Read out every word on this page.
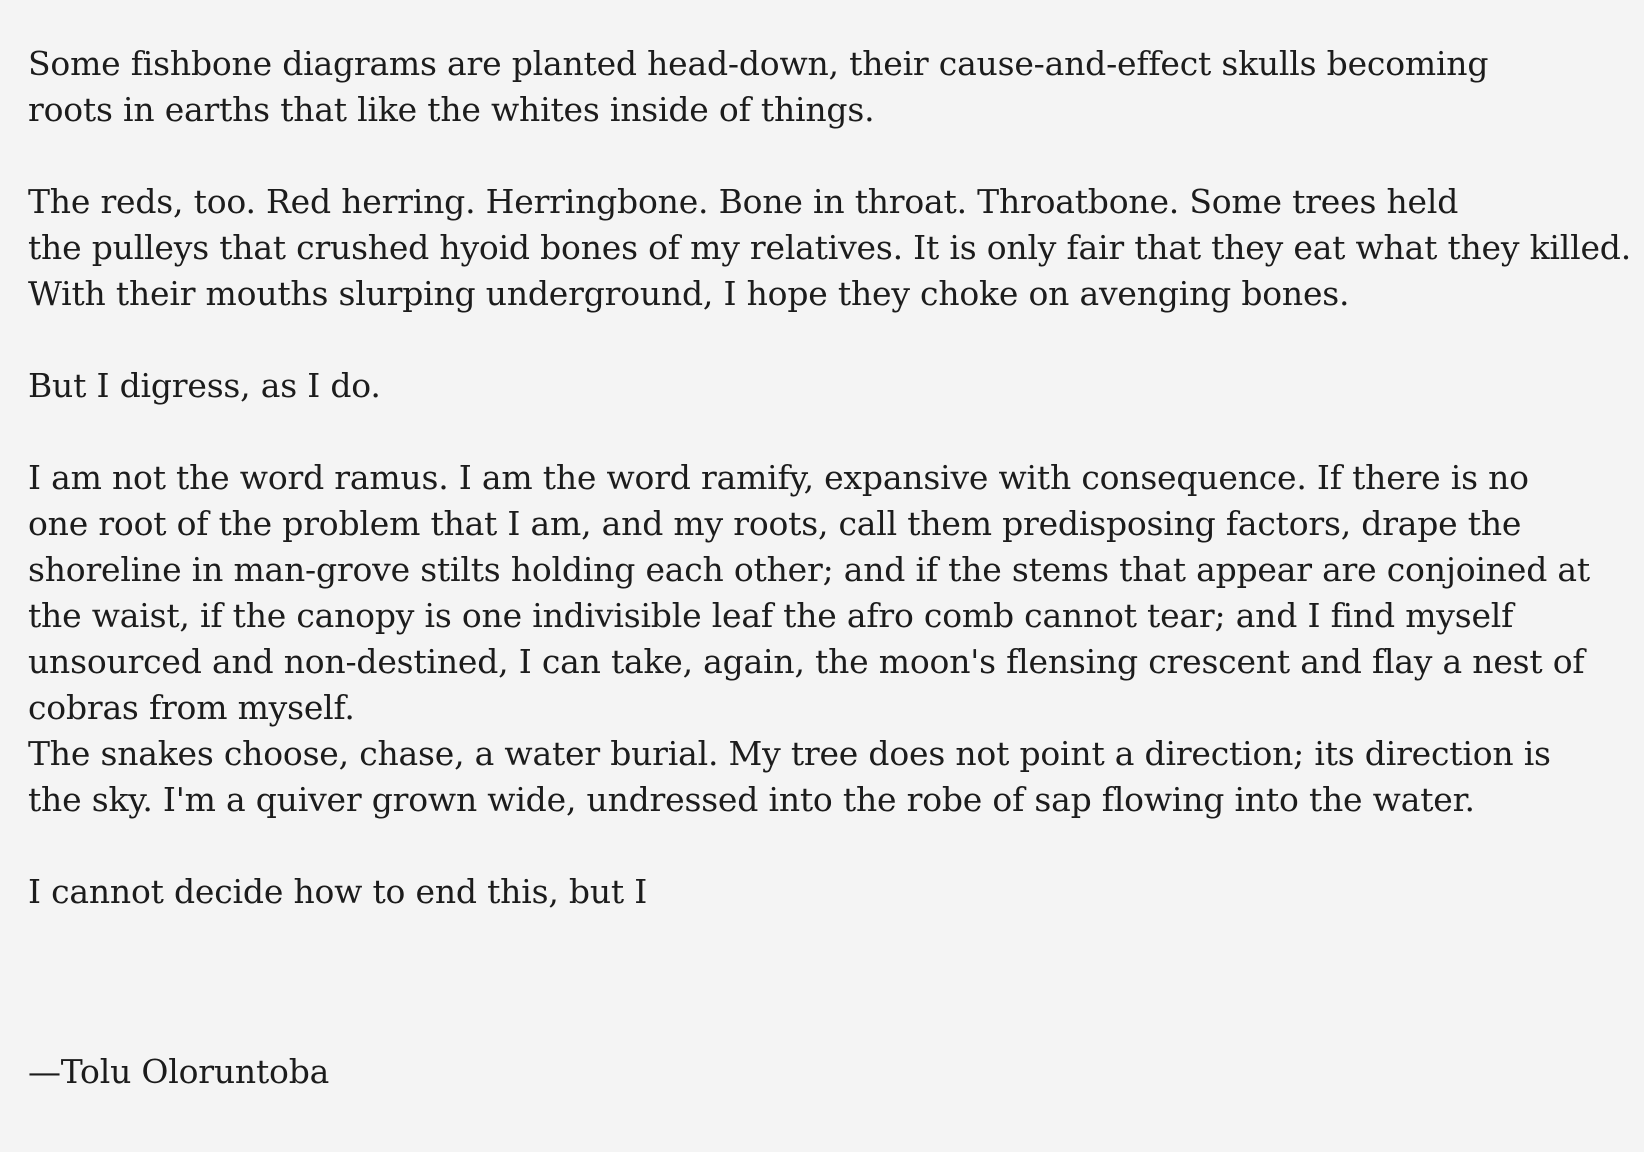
Some fishbone diagrams are planted head-down, their cause-and-effect skulls becoming
roots in earths that like the whites inside of things.
The reds, too. Red herring. Herringbone. Bone in throat. Throatbone. Some trees held
the pulleys that crushed hyoid bones of my relatives. It is only fair that they eat what they killed.
With their mouths slurping underground, I hope they choke on avenging bones.
But I digress, as I do.
I am not the word ramus. I am the word ramify, expansive with consequence. If there is no
one root of the problem that I am, and my roots, call them predisposing factors, drape the
shoreline in man-grove stilts holding each other; and if the stems that appear are conjoined at
the waist, if the canopy is one indivisible leaf the afro comb cannot tear; and I find myself
unsourced and non-destined, I can take, again, the moon's flensing crescent and flay a nest of
cobras from myself.
The snakes choose, chase, a water burial. My tree does not point a direction; its direction is
the sky. I'm a quiver grown wide, undressed into the robe of sap flowing into the water.
I cannot decide how to end this, but I
—Tolu Oloruntoba
